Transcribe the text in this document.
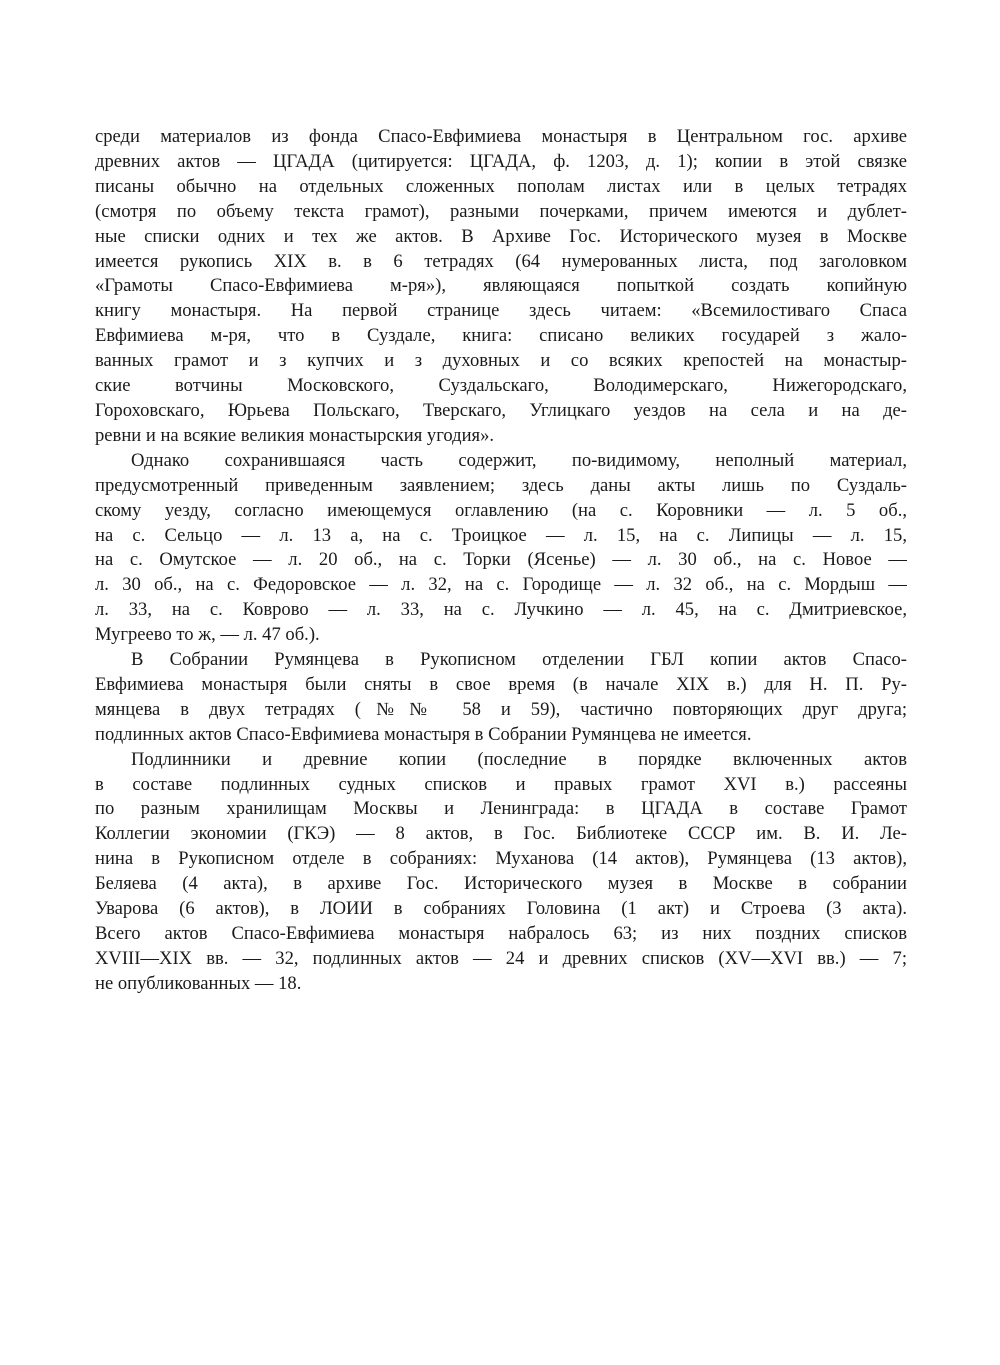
среди материалов из фонда Спасо-Евфимиева монастыря в Центральном гос. архиве
древних актов — ЦГАДА (цитируется: ЦГАДА, ф. 1203, д. 1); копии в этой связке
писаны обычно на отдельных сложенных пополам листах или в целых тетрадях
(смотря по объему текста грамот), разными почерками, причем имеются и дублет-
ные списки одних и тех же актов. В Архиве Гос. Исторического музея в Москве
имеется рукопись XIX в. в 6 тетрадях (64 нумерованных листа, под заголовком
«Грамоты Спасо-Евфимиева м-ря»), являющаяся попыткой создать копийную
книгу монастыря. На первой странице здесь читаем: «Всемилостиваго Спаса
Евфимиева м-ря, что в Суздале, книга: списано великих государей з жало-
ванных грамот и з купчих и з духовных и со всяких крепостей на монастыр-
ские вотчины Московского, Суздальскаго, Володимерскаго, Нижегородскаго,
Гороховскаго, Юрьева Польскаго, Тверскаго, Углицкаго уездов на села и на де-
ревни и на всякие великия монастырския угодия».
Однако сохранившаяся часть содержит, по-видимому, неполный материал,
предусмотренный приведенным заявлением; здесь даны акты лишь по Суздаль-
скому уезду, согласно имеющемуся оглавлению (на с. Коровники — л. 5 об.,
на с. Сельцо — л. 13 а, на с. Троицкое — л. 15, на с. Липицы — л. 15,
на с. Омутское — л. 20 об., на с. Торки (Ясенье) — л. 30 об., на с. Новое —
л. 30 об., на с. Федоровское — л. 32, на с. Городище — л. 32 об., на с. Мордыш —
л. 33, на с. Коврово — л. 33, на с. Лучкино — л. 45, на с. Дмитриевское,
Мугреево то ж, — л. 47 об.).
В Собрании Румянцева в Рукописном отделении ГБЛ копии актов Спасо-
Евфимиева монастыря были сняты в свое время (в начале XIX в.) для Н. П. Ру-
мянцева в двух тетрадях (№№ 58 и 59), частично повторяющих друг друга;
подлинных актов Спасо-Евфимиева монастыря в Собрании Румянцева не имеется.
Подлинники и древние копии (последние в порядке включенных актов
в составе подлинных судных списков и правых грамот XVI в.) рассеяны
по разным хранилищам Москвы и Ленинграда: в ЦГАДА в составе Грамот
Коллегии экономии (ГКЭ) — 8 актов, в Гос. Библиотеке СССР им. В. И. Ле-
нина в Рукописном отделе в собраниях: Муханова (14 актов), Румянцева (13 актов),
Беляева (4 акта), в архиве Гос. Исторического музея в Москве в собрании
Уварова (6 актов), в ЛОИИ в собраниях Головина (1 акт) и Строева (3 акта).
Всего актов Спасо-Евфимиева монастыря набралось 63; из них поздних списков
XVIII—XIX вв. — 32, подлинных актов — 24 и древних списков (XV—XVI вв.) — 7;
не опубликованных — 18.
